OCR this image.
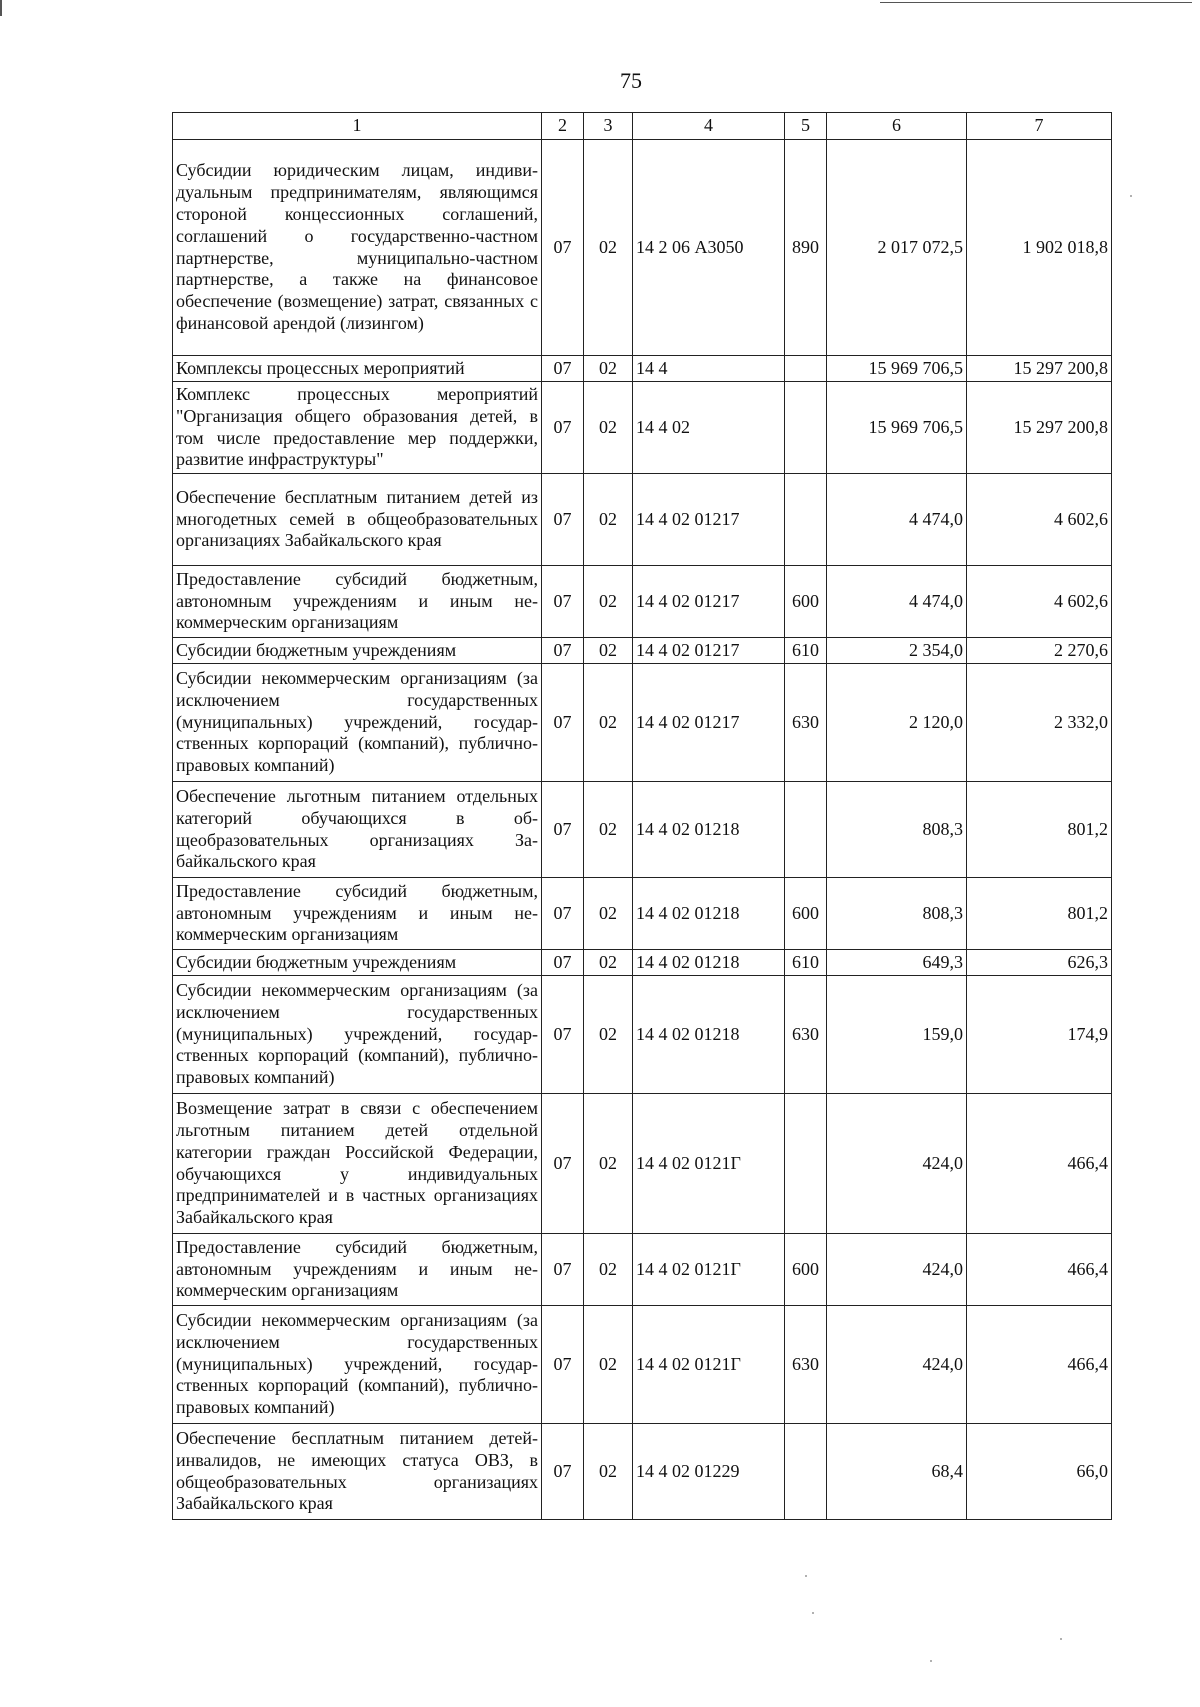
75
1	2	3	4	5	6	7
Субсидии юридическим лицам, индивидуальным предпринимателям, являющимся стороной концессионных соглашений, соглашений о государственно-частном партнерстве, муниципально-частном партнерстве, а также на финансовое обеспечение (возмещение) затрат, связанных с финансовой арендой (лизингом)	07	02	14 2 06 А3050	890	2 017 072,5	1 902 018,8
Комплексы процессных мероприятий	07	02	14 4		15 969 706,5	15 297 200,8
Комплекс процессных мероприятий "Организация общего образования детей, в том числе предоставление мер поддержки, развитие инфраструктуры"	07	02	14 4 02		15 969 706,5	15 297 200,8
Обеспечение бесплатным питанием детей из многодетных семей в общеобразовательных организациях Забайкальского края	07	02	14 4 02 01217		4 474,0	4 602,6
Предоставление субсидий бюджетным, автономным учреждениям и иным некоммерческим организациям	07	02	14 4 02 01217	600	4 474,0	4 602,6
Субсидии бюджетным учреждениям	07	02	14 4 02 01217	610	2 354,0	2 270,6
Субсидии некоммерческим организациям (за исключением государственных (муниципальных) учреждений, государственных корпораций (компаний), публично-правовых компаний)	07	02	14 4 02 01217	630	2 120,0	2 332,0
Обеспечение льготным питанием отдельных категорий обучающихся в общеобразовательных организациях Забайкальского края	07	02	14 4 02 01218		808,3	801,2
Предоставление субсидий бюджетным, автономным учреждениям и иным некоммерческим организациям	07	02	14 4 02 01218	600	808,3	801,2
Субсидии бюджетным учреждениям	07	02	14 4 02 01218	610	649,3	626,3
Субсидии некоммерческим организациям (за исключением государственных (муниципальных) учреждений, государственных корпораций (компаний), публично-правовых компаний)	07	02	14 4 02 01218	630	159,0	174,9
Возмещение затрат в связи с обеспечением льготным питанием детей отдельной категории граждан Российской Федерации, обучающихся у индивидуальных предпринимателей и в частных организациях Забайкальского края	07	02	14 4 02 0121Г		424,0	466,4
Предоставление субсидий бюджетным, автономным учреждениям и иным некоммерческим организациям	07	02	14 4 02 0121Г	600	424,0	466,4
Субсидии некоммерческим организациям (за исключением государственных (муниципальных) учреждений, государственных корпораций (компаний), публично-правовых компаний)	07	02	14 4 02 0121Г	630	424,0	466,4
Обеспечение бесплатным питанием детей-инвалидов, не имеющих статуса ОВЗ, в общеобразовательных организациях Забайкальского края	07	02	14 4 02 01229		68,4	66,0
